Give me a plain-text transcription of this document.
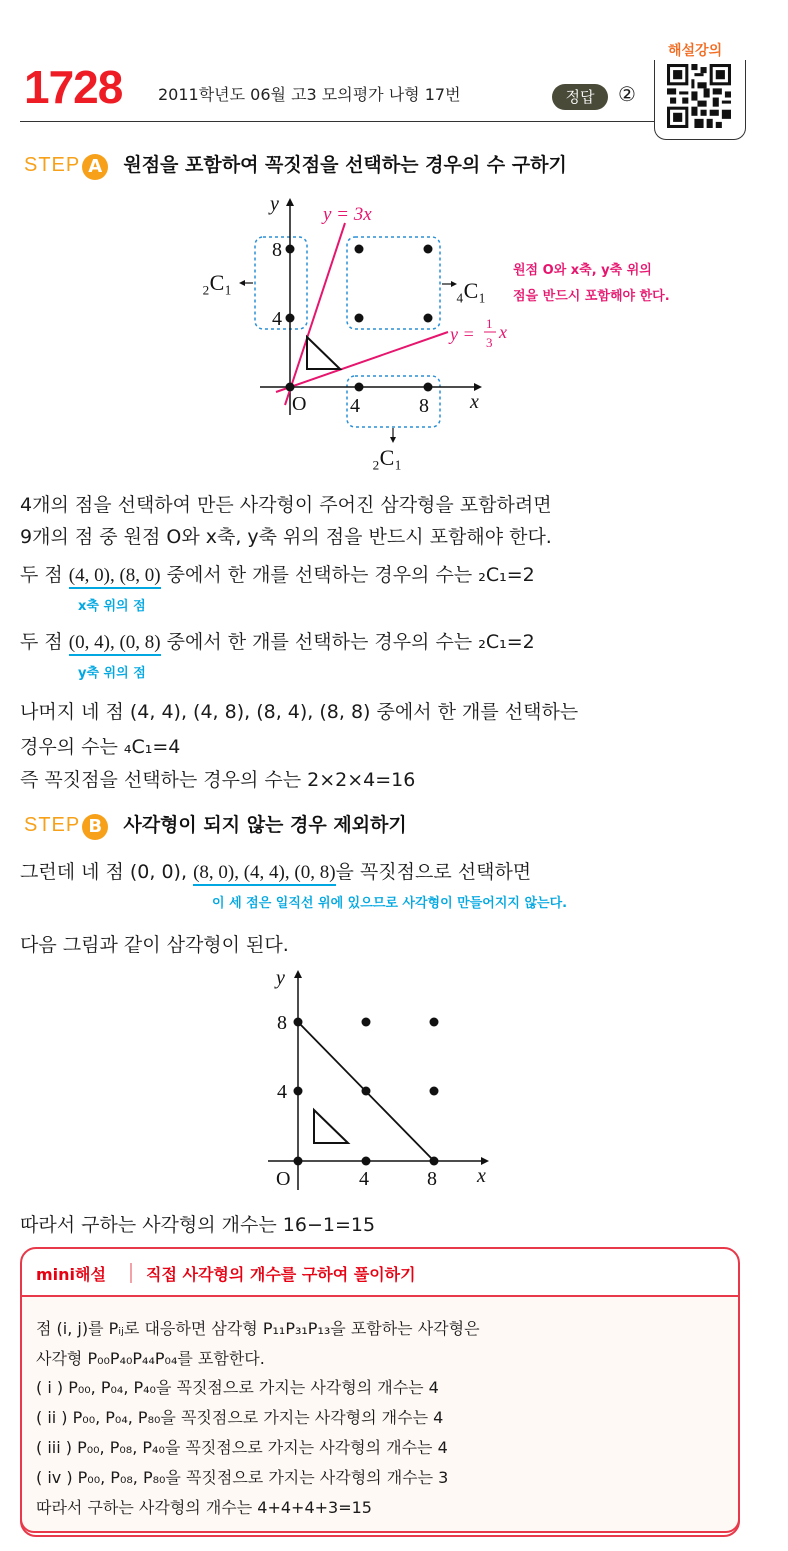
1728 2011학년도 06월 고3 모의평가 나형 17번	정답	②
해설강의
STEP A 원점을 포함하여 꼭짓점을 선택하는 경우의 수 구하기
y
8
4
O 4	8 x
y = 3x
y =
1
3
x
₂C₁	₄C₁
₂C₁
원점 O와 x축, y축 위의
점을 반드시 포함해야 한다.
4개의 점을 선택하여 만든 사각형이 주어진 삼각형을 포함하려면
9개의 점 중 원점 O와 x축, y축 위의 점을 반드시 포함해야 한다.
두 점 (4, 0), (8, 0) 중에서 한 개를 선택하는 경우의 수는 ₂C₁=2
x축 위의 점
두 점 (0, 4), (0, 8) 중에서 한 개를 선택하는 경우의 수는 ₂C₁=2
y축 위의 점
나머지 네 점 (4, 4), (4, 8), (8, 4), (8, 8) 중에서 한 개를 선택하는
경우의 수는 ₄C₁=4
즉 꼭짓점을 선택하는 경우의 수는 2×2×4=16
STEP B 사각형이 되지 않는 경우 제외하기
그런데 네 점 (0, 0), (8, 0), (4, 4), (0, 8)을 꼭짓점으로 선택하면
이 세 점은 일직선 위에 있으므로 사각형이 만들어지지 않는다.
다음 그림과 같이 삼각형이 된다.
y
8
4
O	4	8 x
따라서 구하는 사각형의 개수는 16−1=15
mini해설	직접 사각형의 개수를 구하여 풀이하기
점 (i, j)를 Pᵢⱼ로 대응하면 삼각형 P₁₁P₃₁P₁₃을 포함하는 사각형은
사각형 P₀₀P₄₀P₄₄P₀₄를 포함한다.
( i ) P₀₀, P₀₄, P₄₀을 꼭짓점으로 가지는 사각형의 개수는 4
( ii ) P₀₀, P₀₄, P₈₀을 꼭짓점으로 가지는 사각형의 개수는 4
( iii ) P₀₀, P₀₈, P₄₀을 꼭짓점으로 가지는 사각형의 개수는 4
( iv ) P₀₀, P₀₈, P₈₀을 꼭짓점으로 가지는 사각형의 개수는 3
따라서 구하는 사각형의 개수는 4+4+4+3=15
